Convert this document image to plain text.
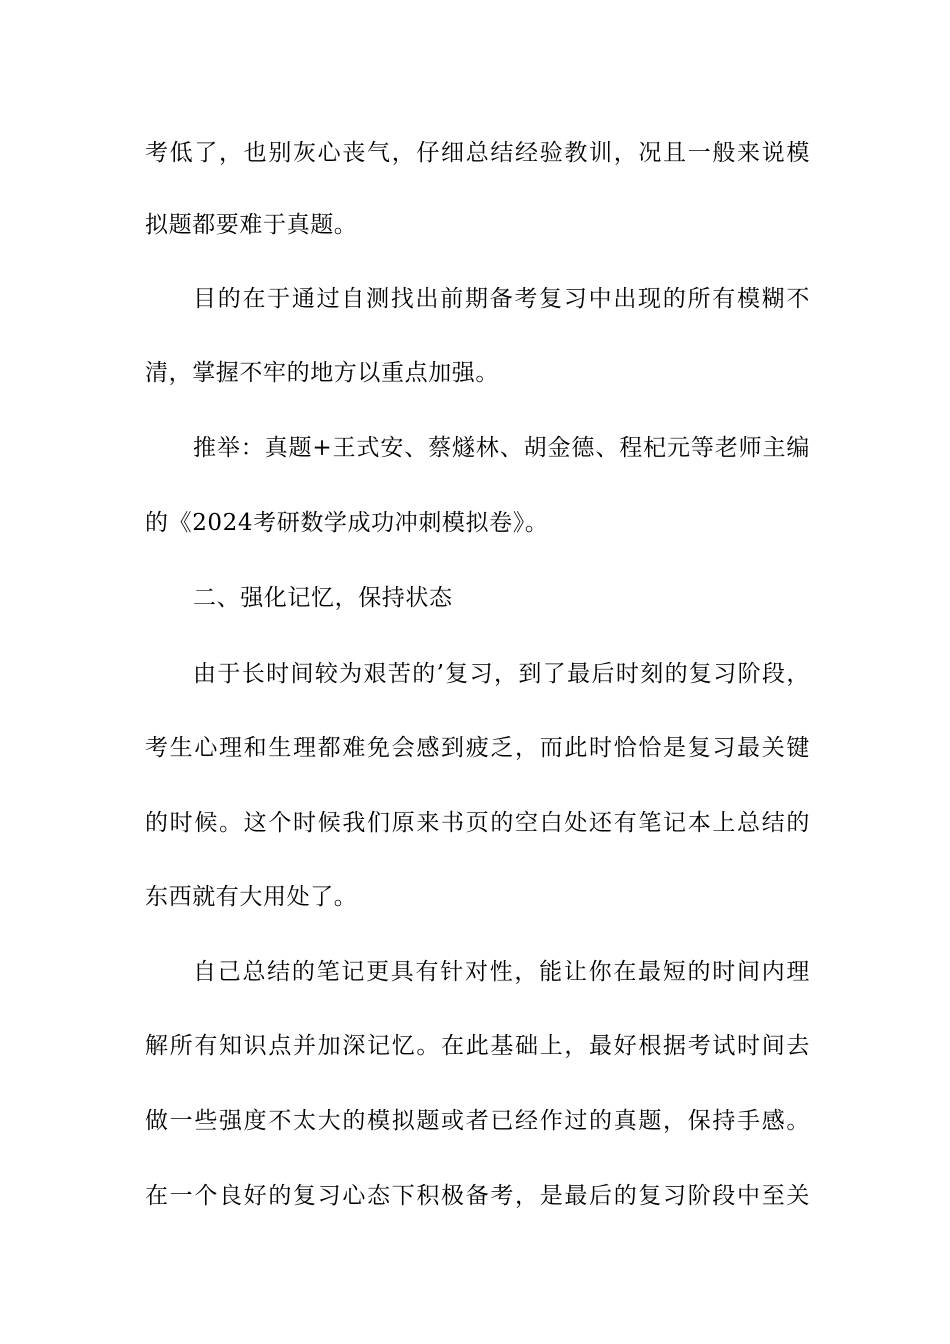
考低了，也别灰心丧气，仔细总结经验教训，况且一般来说模
拟题都要难于真题。
目的在于通过自测找出前期备考复习中出现的所有模糊不
清，掌握不牢的地方以重点加强。
推举：真题+王式安、蔡燧林、胡金德、程杞元等老师主编
的《2024考研数学成功冲刺模拟卷》。
二、强化记忆，保持状态
由于长时间较为艰苦的’复习，到了最后时刻的复习阶段，
考生心理和生理都难免会感到疲乏，而此时恰恰是复习最关键
的时候。这个时候我们原来书页的空白处还有笔记本上总结的
东西就有大用处了。
自己总结的笔记更具有针对性，能让你在最短的时间内理
解所有知识点并加深记忆。在此基础上，最好根据考试时间去
做一些强度不太大的模拟题或者已经作过的真题，保持手感。
在一个良好的复习心态下积极备考，是最后的复习阶段中至关
